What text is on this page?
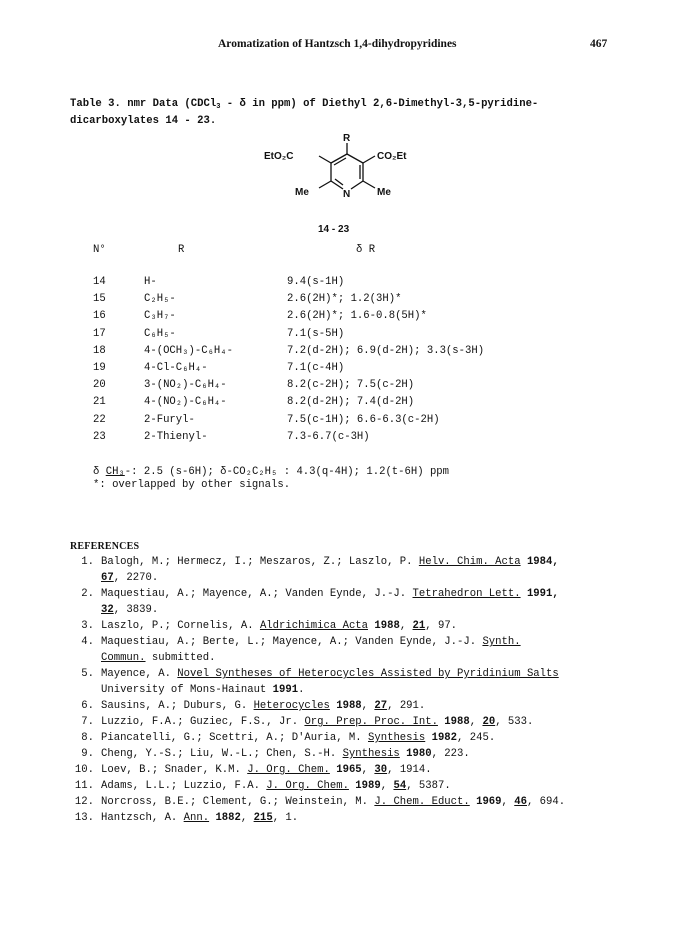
Aromatization of Hantzsch 1,4-dihydropyridines	467
Table 3. nmr Data (CDCl$_3$ - δ in ppm) of Diethyl 2,6-Dimethyl-3,5-pyridine-
dicarboxylates 14 - 23.
R
EtO₂C	CO₂Et
Me	Me
N
14 - 23
N°	R	δ R
14	H-	9.4(s-1H)
15	C₂H₅-	2.6(2H)*; 1.2(3H)*
16	C₃H₇-	2.6(2H)*; 1.6-0.8(5H)*
17	C₆H₅-	7.1(s-5H)
18	4-(OCH₃)-C₆H₄-	7.2(d-2H); 6.9(d-2H); 3.3(s-3H)
19	4-Cl-C₆H₄-	7.1(c-4H)
20	3-(NO₂)-C₆H₄-	8.2(c-2H); 7.5(c-2H)
21	4-(NO₂)-C₆H₄-	8.2(d-2H); 7.4(d-2H)
22	2-Furyl-	7.5(c-1H); 6.6-6.3(c-2H)
23	2-Thienyl-	7.3-6.7(c-3H)
δ CH₃-: 2.5 (s-6H); δ-CO₂C₂H₅ : 4.3(q-4H); 1.2(t-6H) ppm
*: overlapped by other signals.
REFERENCES
1. Balogh, M.; Hermecz, I.; Meszaros, Z.; Laszlo, P. Helv. Chim. Acta 1984,
67, 2270.
2. Maquestiau, A.; Mayence, A.; Vanden Eynde, J.-J. Tetrahedron Lett. 1991,
32, 3839.
3. Laszlo, P.; Cornelis, A. Aldrichimica Acta 1988, 21, 97.
4. Maquestiau, A.; Berte, L.; Mayence, A.; Vanden Eynde, J.-J. Synth.
Commun. submitted.
5. Mayence, A. Novel Syntheses of Heterocycles Assisted by Pyridinium Salts
University of Mons-Hainaut 1991.
6. Sausins, A.; Duburs, G. Heterocycles 1988, 27, 291.
7. Luzzio, F.A.; Guziec, F.S., Jr. Org. Prep. Proc. Int. 1988, 20, 533.
8. Piancatelli, G.; Scettri, A.; D'Auria, M. Synthesis 1982, 245.
9. Cheng, Y.-S.; Liu, W.-L.; Chen, S.-H. Synthesis 1980, 223.
10. Loev, B.; Snader, K.M. J. Org. Chem. 1965, 30, 1914.
11. Adams, L.L.; Luzzio, F.A. J. Org. Chem. 1989, 54, 5387.
12. Norcross, B.E.; Clement, G.; Weinstein, M. J. Chem. Educt. 1969, 46, 694.
13. Hantzsch, A. Ann. 1882, 215, 1.
